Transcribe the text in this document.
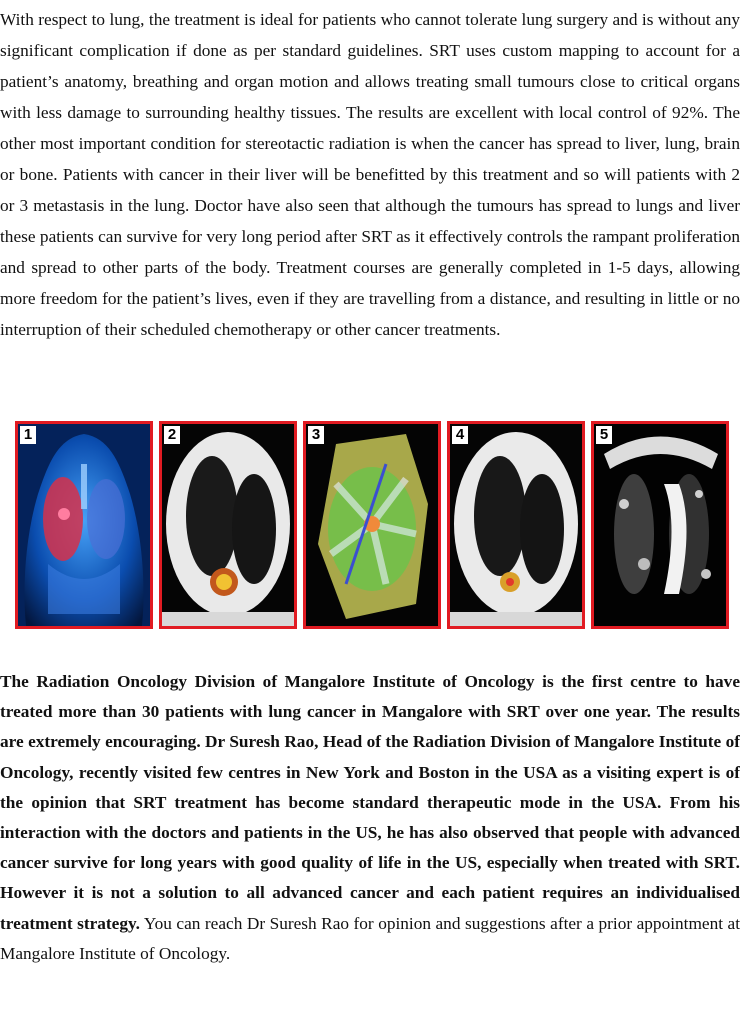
With respect to lung, the treatment is ideal for patients who cannot tolerate lung surgery and is without any significant complication if done as per standard guidelines. SRT uses custom mapping to account for a patient’s anatomy, breathing and organ motion and allows treating small tumours close to critical organs with less damage to surrounding healthy tissues. The results are excellent with local control of 92%. The other most important condition for stereotactic radiation is when the cancer has spread to liver, lung, brain or bone. Patients with cancer in their liver will be benefitted by this treatment and so will patients with 2 or 3 metastasis in the lung. Doctor have also seen that although the tumours has spread to lungs and liver these patients can survive for very long period after SRT as it effectively controls the rampant proliferation and spread to other parts of the body. Treatment courses are generally completed in 1-5 days, allowing more freedom for the patient’s lives, even if they are travelling from a distance, and resulting in little or no interruption of their scheduled chemotherapy or other cancer treatments.

1	2	3	4	5

The Radiation Oncology Division of Mangalore Institute of Oncology is the first centre to have treated more than 30 patients with lung cancer in Mangalore with SRT over one year. The results are extremely encouraging. Dr Suresh Rao, Head of the Radiation Division of Mangalore Institute of Oncology, recently visited few centres in New York and Boston in the USA as a visiting expert is of the opinion that SRT treatment has become standard therapeutic mode in the USA. From his interaction with the doctors and patients in the US, he has also observed that people with advanced cancer survive for long years with good quality of life in the US, especially when treated with SRT. However it is not a solution to all advanced cancer and each patient requires an individualised treatment strategy. You can reach Dr Suresh Rao for opinion and suggestions after a prior appointment at Mangalore Institute of Oncology.
